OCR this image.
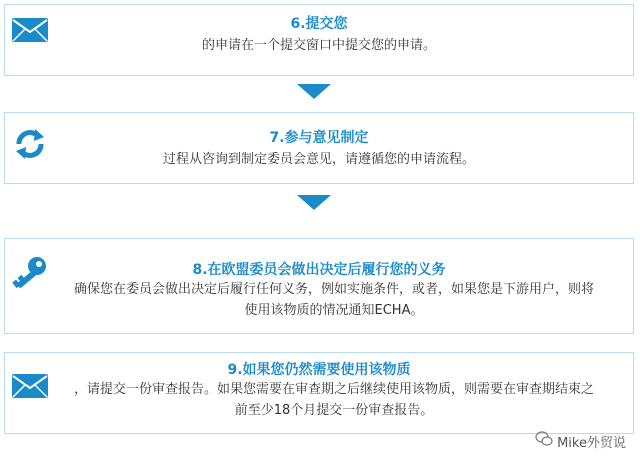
6.提交您
的申请在一个提交窗口中提交您的申请。
7.参与意见制定
过程从咨询到制定委员会意见，请遵循您的申请流程。
8.在欧盟委员会做出决定后履行您的义务
确保您在委员会做出决定后履行任何义务，例如实施条件，或者，如果您是下游用户，则将
使用该物质的情况通知ECHA。
9.如果您仍然需要使用该物质
，请提交一份审查报告。如果您需要在审查期之后继续使用该物质，则需要在审查期结束之
前至少18个月提交一份审查报告。
Mike外贸说
